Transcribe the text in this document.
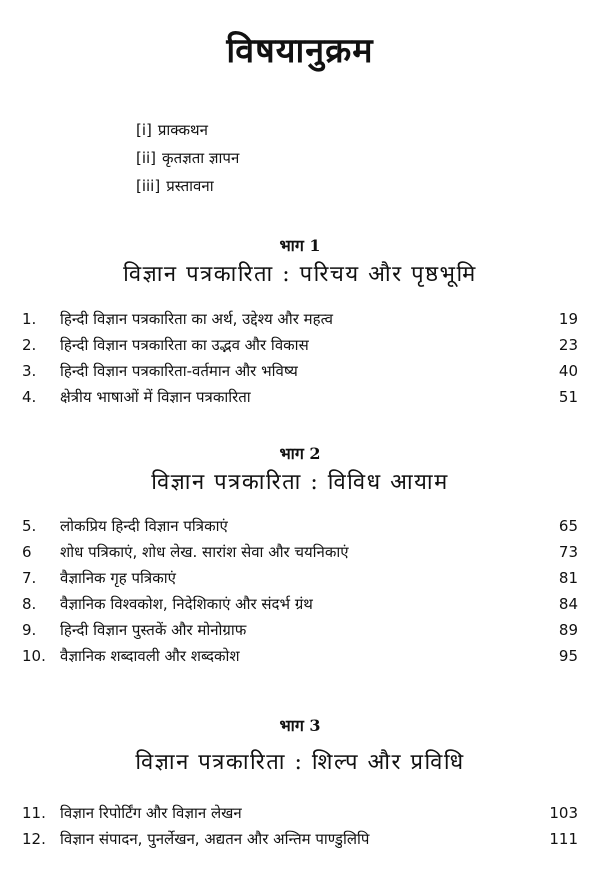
विषयानुक्रम
[i] प्राक्कथन
[ii] कृतज्ञता ज्ञापन
[iii] प्रस्तावना
भाग 1
विज्ञान पत्रकारिता : परिचय और पृष्ठभूमि
1.	हिन्दी विज्ञान पत्रकारिता का अर्थ, उद्देश्य और महत्व	19
2.	हिन्दी विज्ञान पत्रकारिता का उद्भव और विकास	23
3.	हिन्दी विज्ञान पत्रकारिता-वर्तमान और भविष्य	40
4.	क्षेत्रीय भाषाओं में विज्ञान पत्रकारिता	51
भाग 2
विज्ञान पत्रकारिता : विविध आयाम
5.	लोकप्रिय हिन्दी विज्ञान पत्रिकाएं	65
6	शोध पत्रिकाएं, शोध लेख. सारांश सेवा और चयनिकाएं	73
7.	वैज्ञानिक गृह पत्रिकाएं	81
8.	वैज्ञानिक विश्वकोश, निदेशिकाएं और संदर्भ ग्रंथ	84
9.	हिन्दी विज्ञान पुस्तकें और मोनोग्राफ	89
10. वैज्ञानिक शब्दावली और शब्दकोश	95
भाग 3
विज्ञान पत्रकारिता : शिल्प और प्रविधि
11. विज्ञान रिपोर्टिंग और विज्ञान लेखन	103
12. विज्ञान संपादन, पुनर्लेखन, अद्यतन और अन्तिम पाण्डुलिपि	111
